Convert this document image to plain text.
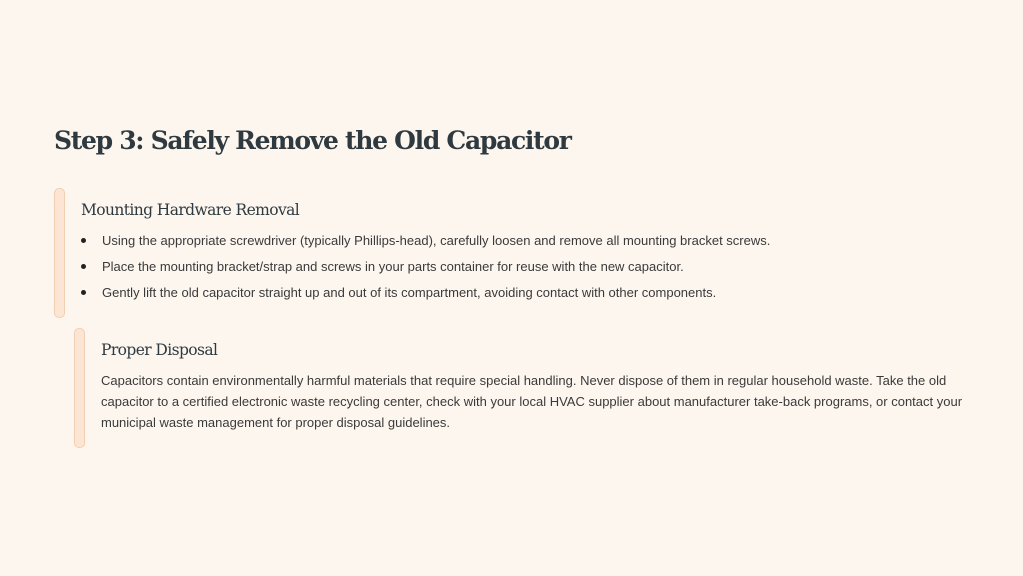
Step 3: Safely Remove the Old Capacitor
Mounting Hardware Removal
Using the appropriate screwdriver (typically Phillips-head), carefully loosen and remove all mounting bracket screws.
Place the mounting bracket/strap and screws in your parts container for reuse with the new capacitor.
Gently lift the old capacitor straight up and out of its compartment, avoiding contact with other components.
Proper Disposal

Capacitors contain environmentally harmful materials that require special handling. Never dispose of them in regular household waste. Take the old capacitor to a certified electronic waste recycling center, check with your local HVAC supplier about manufacturer take-back programs, or contact your municipal waste management for proper disposal guidelines.
